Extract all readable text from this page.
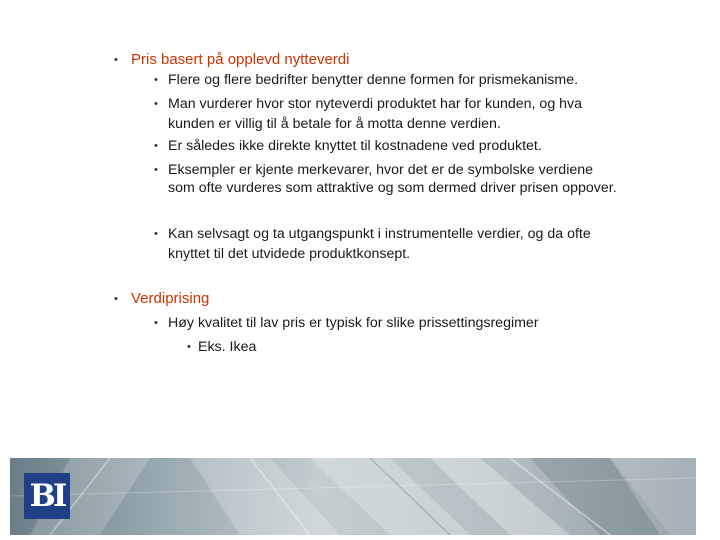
• Pris basert på opplevd nytteverdi
• Flere og flere bedrifter benytter denne formen for prismekanisme.
• Man vurderer hvor stor nyteverdi produktet har for kunden, og hva
kunden er villig til å betale for å motta denne verdien.
• Er således ikke direkte knyttet til kostnadene ved produktet.
• Eksempler er kjente merkevarer, hvor det er de symbolske verdiene
som ofte vurderes som attraktive og som dermed driver prisen oppover.
• Kan selvsagt og ta utgangspunkt i instrumentelle verdier, og da ofte
knyttet til det utvidede produktkonsept.
• Verdiprising
• Høy kvalitet til lav pris er typisk for slike prissettingsregimer
• Eks. Ikea
BI
